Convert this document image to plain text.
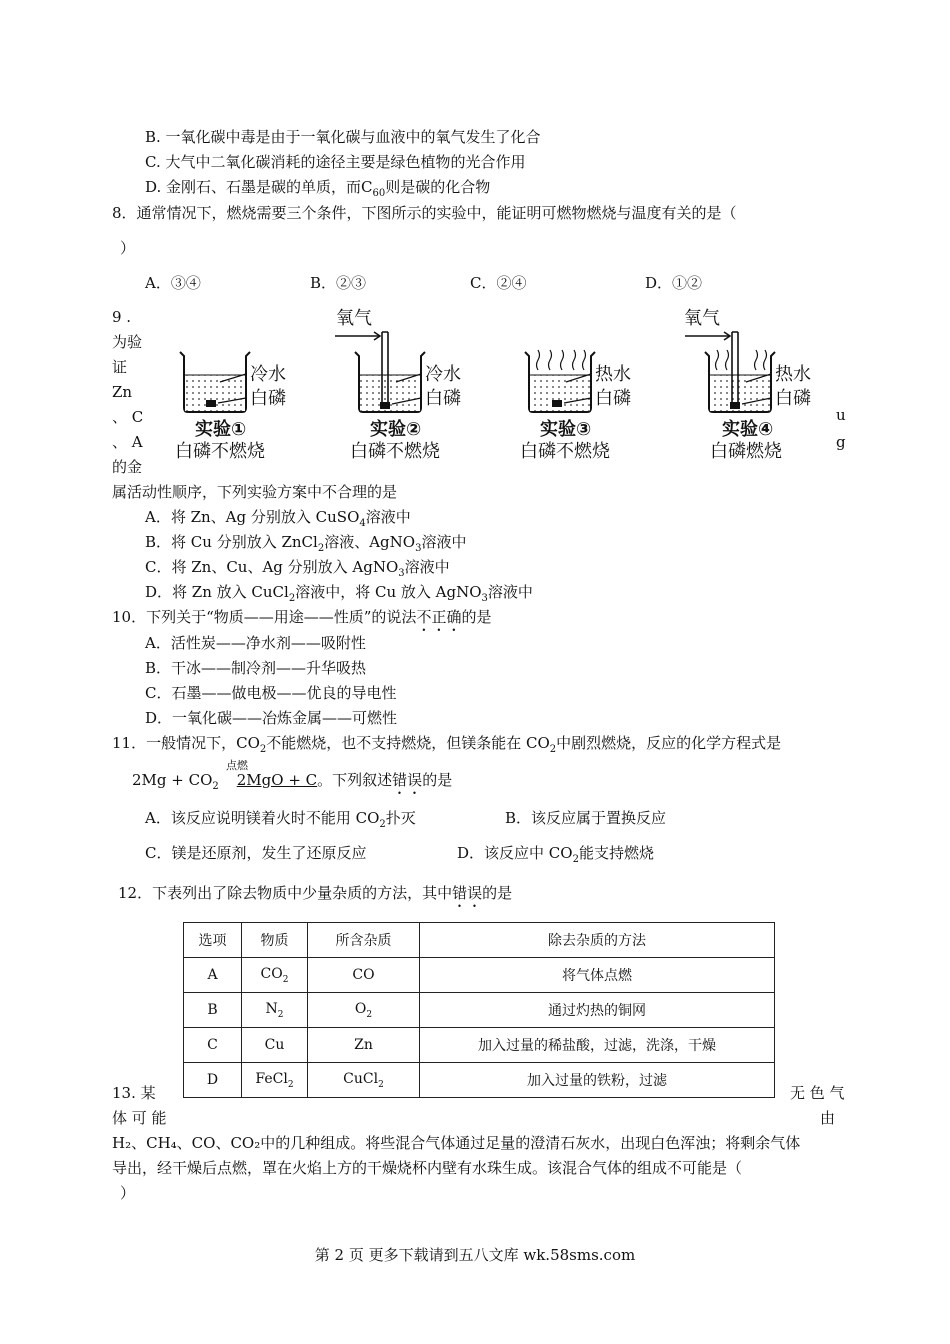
B. 一氧化碳中毒是由于一氧化碳与血液中的氧气发生了化合
C. 大气中二氧化碳消耗的途径主要是绿色植物的光合作用
D. 金刚石、石墨是碳的单质，而$C_{60}$则是碳的化合物
8．通常情况下，燃烧需要三个条件，下图所示的实验中，能证明可燃物燃烧与温度有关的是（
）
A．③④	B．②③	C．②④	D．①②
9 .
为验
证
Zn
、 C
、 A
的金
u
g
冷水
白磷
实验①
白磷不燃烧
氧气
冷水
白磷
实验②
白磷不燃烧
热水
白磷
实验③
白磷不燃烧
氧气
热水
白磷
实验④
白磷燃烧
属活动性顺序，下列实验方案中不合理的是
A．将 Zn、Ag 分别放入 CuSO$_4$溶液中
B．将 Cu 分别放入 ZnCl$_2$溶液、AgNO$_3$溶液中
C．将 Zn、Cu、Ag 分别放入 AgNO$_3$溶液中
D．将 Zn 放入 CuCl$_2$溶液中，将 Cu 放入 AgNO$_3$溶液中
10．下列关于“物质——用途——性质”的说法不正确的是
A．活性炭——净水剂——吸附性
B．干冰——制冷剂——升华吸热
C．石墨——做电极——优良的导电性
D．一氧化碳——冶炼金属——可燃性
11．一般情况下，$CO_2$不能燃烧，也不支持燃烧，但镁条能在 $CO_2$中剧烈燃烧，反应的化学方程式是
点燃
$2Mg + CO_2$ 2MgO + C。下列叙述错误的是
A．该反应说明镁着火时不能用 $CO_2$扑灭	B．该反应属于置换反应
C．镁是还原剂，发生了还原反应	D．该反应中 $CO_2$能支持燃烧
12．下表列出了除去物质中少量杂质的方法，其中错误的是
选项	物质	所含杂质	除去杂质的方法
A	$CO_2$	CO	将气体点燃
B	$N_2$	$O_2$	通过灼热的铜网
C	Cu	Zn	加入过量的稀盐酸，过滤，洗涤，干燥
D	FeCl$_2$	CuCl$_2$	加入过量的铁粉，过滤
13. 某
体 可 能
无 色 气
由
H₂、CH₄、CO、CO₂中的几种组成。将些混合气体通过足量的澄清石灰水，出现白色浑浊；将剩余气体
导出，经干燥后点燃，罩在火焰上方的干燥烧杯内壁有水珠生成。该混合气体的组成不可能是（
）
第 2 页 更多下载请到五八文库 wk.58sms.com
